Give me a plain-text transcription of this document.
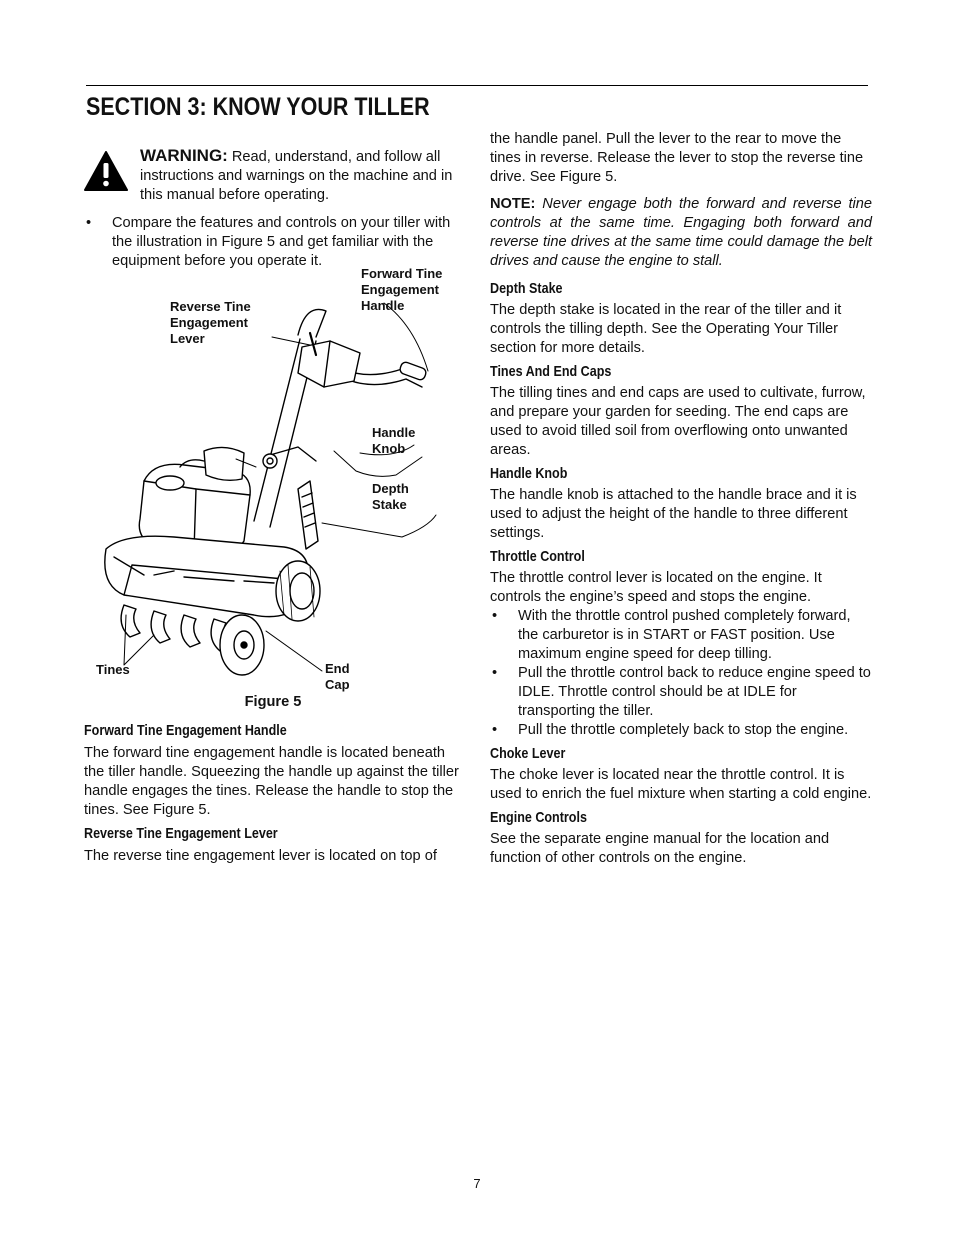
SECTION 3: KNOW YOUR TILLER
WARNING: Read, understand, and follow all instructions and warnings on the machine and in this manual before operating.
• Compare the features and controls on your tiller with the illustration in Figure 5 and get familiar with the equipment before you operate it.
Forward Tine
Engagement
Handle
Reverse Tine
Engagement
Lever
Handle
Knob
Depth
Stake
Tines	End
Cap
Figure 5
Forward Tine Engagement Handle
The forward tine engagement handle is located beneath the tiller handle. Squeezing the handle up against the tiller handle engages the tines. Release the handle to stop the tines. See Figure 5.
Reverse Tine Engagement Lever
The reverse tine engagement lever is located on top of
the handle panel. Pull the lever to the rear to move the tines in reverse. Release the lever to stop the reverse tine drive. See Figure 5.
NOTE: Never engage both the forward and reverse tine controls at the same time. Engaging both forward and reverse tine drives at the same time could damage the belt drives and cause the engine to stall.
Depth Stake
The depth stake is located in the rear of the tiller and it controls the tilling depth. See the Operating Your Tiller section for more details.
Tines And End Caps
The tilling tines and end caps are used to cultivate, furrow, and prepare your garden for seeding. The end caps are used to avoid tilled soil from overflowing onto unwanted areas.
Handle Knob
The handle knob is attached to the handle brace and it is used to adjust the height of the handle to three different settings.
Throttle Control
The throttle control lever is located on the engine. It controls the engine’s speed and stops the engine.
• With the throttle control pushed completely forward, the carburetor is in START or FAST position. Use maximum engine speed for deep tilling.
• Pull the throttle control back to reduce engine speed to IDLE. Throttle control should be at IDLE for transporting the tiller.
• Pull the throttle completely back to stop the engine.
Choke Lever
The choke lever is located near the throttle control. It is used to enrich the fuel mixture when starting a cold engine.
Engine Controls
See the separate engine manual for the location and function of other controls on the engine.
7
